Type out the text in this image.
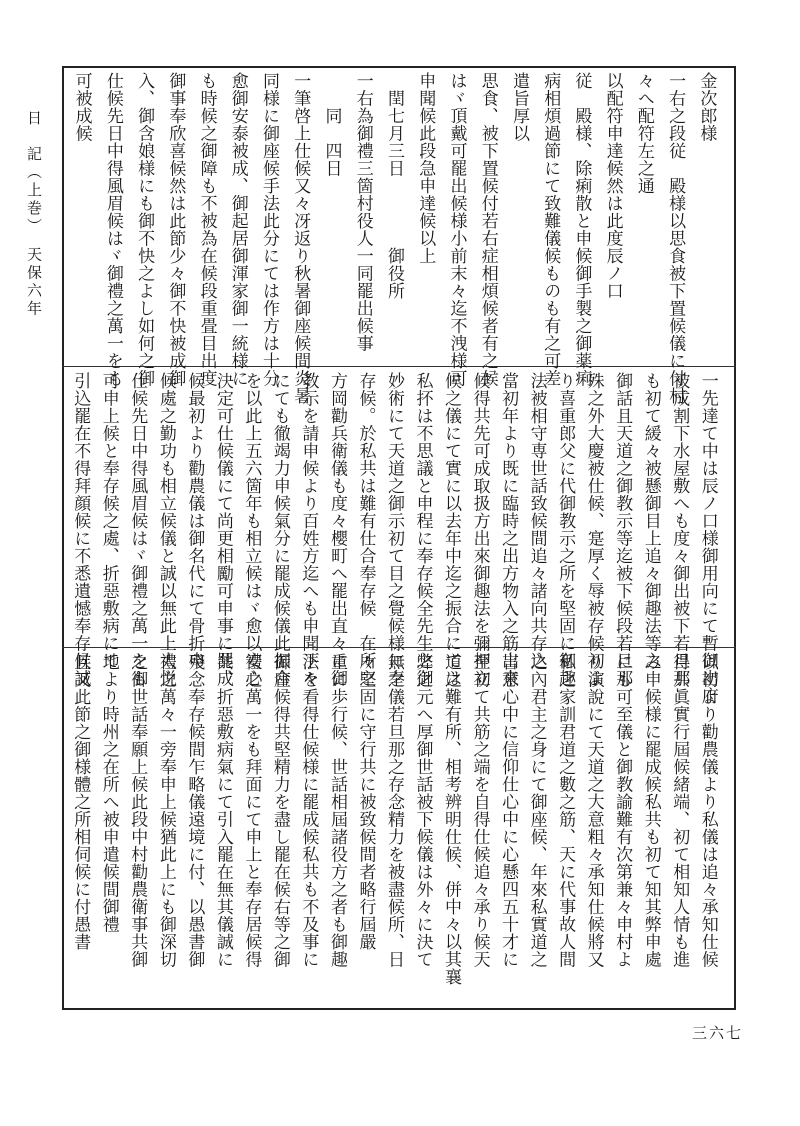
日　記（上巻）　天保六年
三六七
金次郎様
一右之段従　殿様以思食被下置候儀に付村
々へ配符左之通
以配符申達候然は此度辰ノ口
従　殿様、除痢散と申候御手製之御薬痢
病相煩過節にて致難儀候ものも有之可差
遣旨厚以
思食、被下置候付若右症相煩候者有之候
はヾ頂戴可罷出候様小前末々迄不洩様可
申聞候此段急申達候以上
　閏七月三日　　　　御役所
一右為御禮三箇村役人一同罷出候事
　　同　四日
一筆啓上仕候又々冴返り秋暑御座候間炎暑
同様に御座候手法此分にては作方は十分
愈御安泰被成、御起居御渾家御一統様に
も時候之御障も不被為在候段重畳目出度
御事奉欣喜候然は此節少々御不快被成御
入、御含娘様にも御不快之よし如何之御
仕候先日中得風眉候はヾ御禮之萬一をも
可被成候
一先達て中は辰ノ口様御用向にて暫御出府
被成割下水屋敷へも度々御出被下若旦那
も初て緩々被懸御目上追々御趣法等之
御話且天道之御教示等迄被下候段若旦那
殊之外大慶被仕候、寔厚く辱被存候初よ
り喜重郎父に代御教示之所を堅固に御趣
法被相守専世話致候間追々諸向共存込
當初年より既に臨時之出方物入之筋出來
候得共先可成取扱方出來御趣法を彌押立
候之儀にて實に以去年中迄之振合にては
私抔は不思議と申程に奉存候全先生之御
妙術にて天道之御示初て目之覺候様に奉
存候。於私共は難有仕合奉存候　在所之
方岡勸兵衛儀も度々櫻町へ罷出直々に御
教示を請申候より百姓方迄へも申聞下々
にても徹竭力申候氣分に罷成候儀此振合
を以此上五六箇年も相立候はヾ愈以安心
決定可仕候儀にて尚更相勵可申事に罷成
候最初より勸農儀は御名代にて骨折申
候處之勤功も相立候儀と誠以無此上大悦
仕候先日中得風眉候はヾ御禮之萬一をも
可申上候と奉存候之處、折惡敷病にて
引込罷在不得拜顔候に不悉遺憾奉存候誠
以初より勸農儀より私儀は追々承知仕候
得共眞實行屆候緒端、初て相知人情も進
み申候様に罷成候私共も初て知其弊申處
にも可至儀と御教諭難有次第兼々申村よ
り演說にて天道之大意粗々承知仕候將又
私之家訓君道之數之筋、天に代事故人間
之內君主之身にて御座候、年來私實道之
言意心中に信仰仕心中に心懸四五十才に
至初て共筋之端を自得仕候追々承り候天
道之難有所、相考辨明仕候、併中々以其襄
弊之元へ厚御世話被下候儀は外々に決て
無之儀若旦那之存念精力を被盡候所、日
々堅固に守行共に被致候間者略行屆嚴
重に歩行候、世話相屆諸役方之者も御趣
法を看得仕候様に罷成候私共も不及事に
御座候得共堅精力を盡し罷在候右等之御
禮之萬一をも拜面にて申上と奉存居候得
共、折惡敷病氣にて引入罷在無其儀誠に
殘念奉存候間乍略儀遠境に付、以愚書御
禮之萬々一旁奉申上候猶此上にも御深切
之御世話奉願上候此段中村勸農衛事共御
地より時州之在所へ被申遣候間御禮
且又此節之御様體之所相伺候に付愚書
